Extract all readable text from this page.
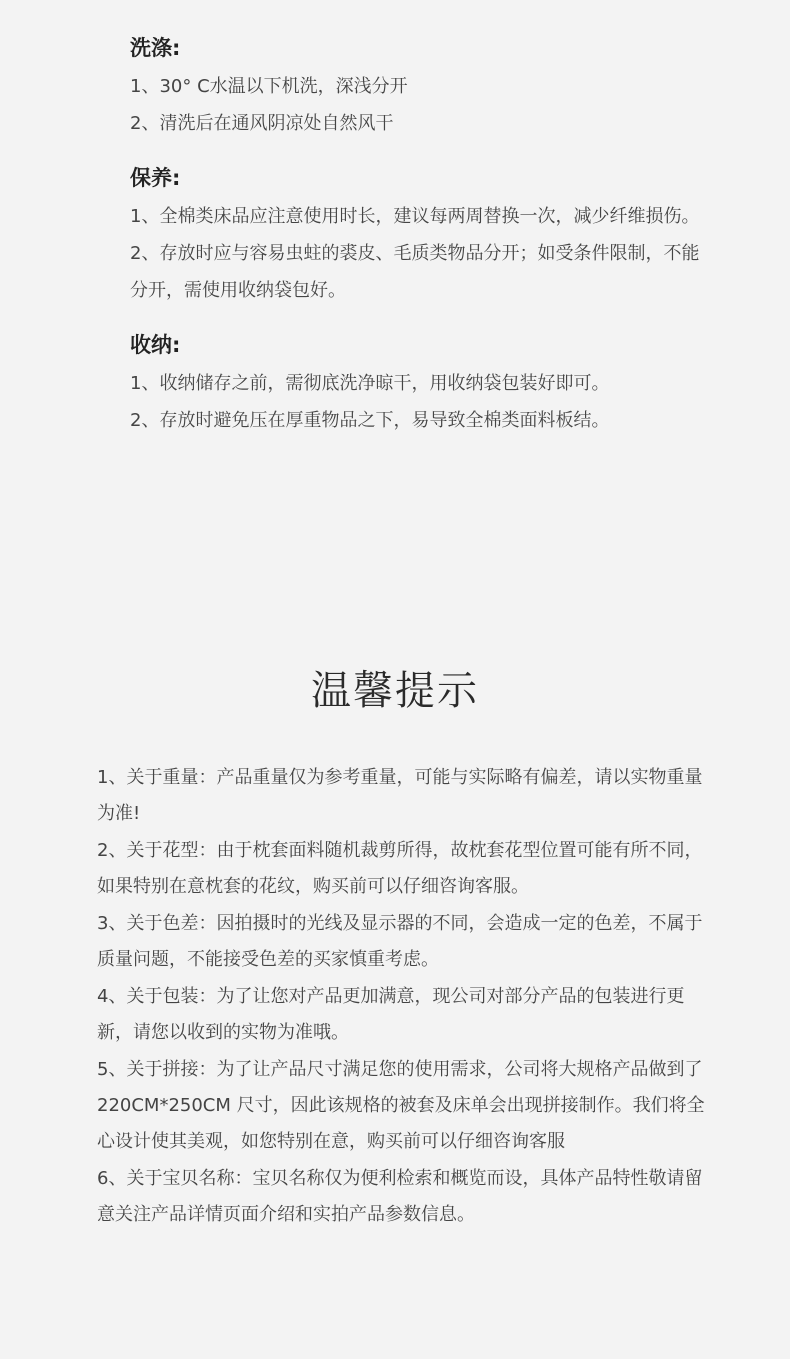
洗涤:

1、30° C水温以下机洗，深浅分开

2、清洗后在通风阴凉处自然风干

保养:

1、全棉类床品应注意使用时长，建议每两周替换一次，减少纤维损伤。

2、存放时应与容易虫蛀的裘皮、毛质类物品分开；如受条件限制，不能分开，需使用收纳袋包好。

收纳:

1、收纳储存之前，需彻底洗净晾干，用收纳袋包装好即可。

2、存放时避免压在厚重物品之下，易导致全棉类面料板结。

温馨提示

1、关于重量：产品重量仅为参考重量，可能与实际略有偏差，请以实物重量为准!

2、关于花型：由于枕套面料随机裁剪所得，故枕套花型位置可能有所不同，如果特别在意枕套的花纹，购买前可以仔细咨询客服。

3、关于色差：因拍摄时的光线及显示器的不同，会造成一定的色差，不属于质量问题，不能接受色差的买家慎重考虑。

4、关于包装：为了让您对产品更加满意，现公司对部分产品的包装进行更新，请您以收到的实物为准哦。

5、关于拼接：为了让产品尺寸满足您的使用需求，公司将大规格产品做到了 220CM*250CM 尺寸，因此该规格的被套及床单会出现拼接制作。我们将全心设计使其美观，如您特别在意，购买前可以仔细咨询客服

6、关于宝贝名称：宝贝名称仅为便利检索和概览而设，具体产品特性敬请留意关注产品详情页面介绍和实拍产品参数信息。
